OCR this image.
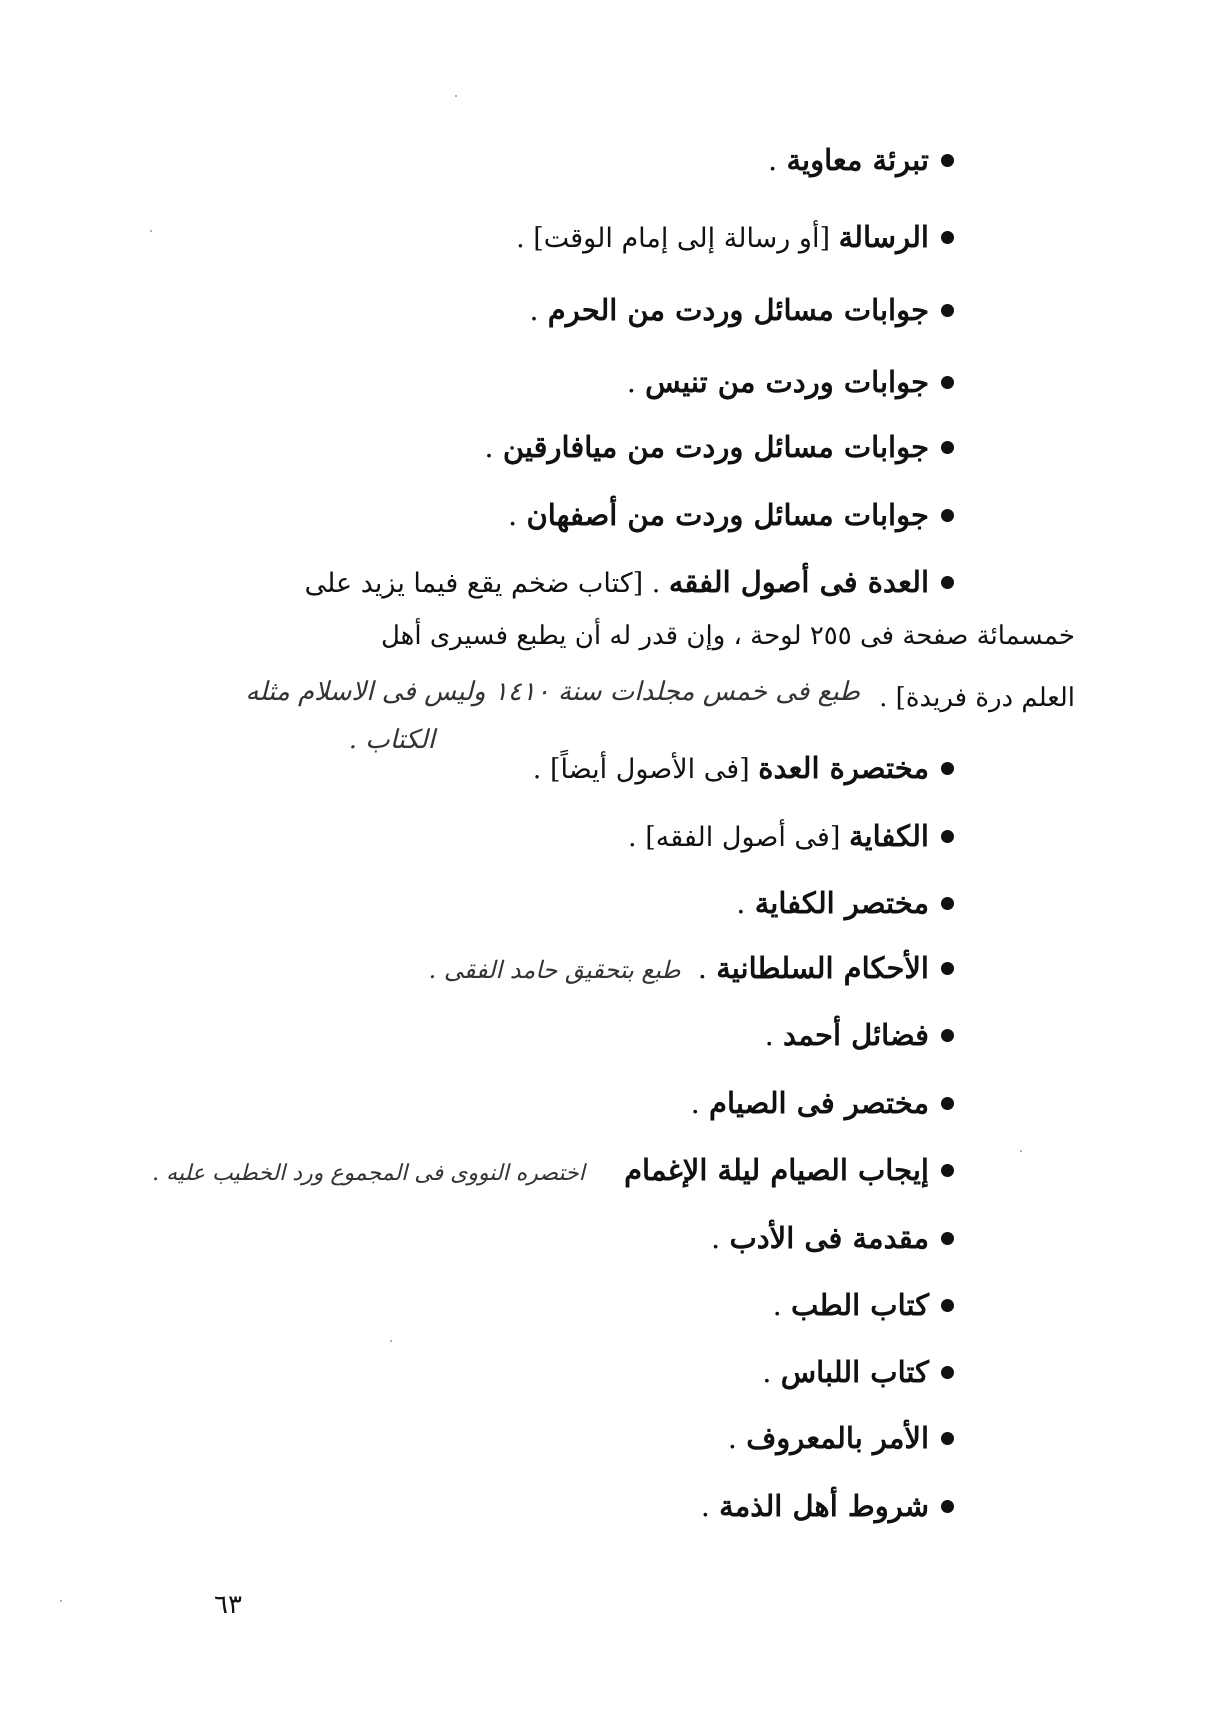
تبرئة معاوية .
الرسالة [أو رسالة إلى إمام الوقت] .
جوابات مسائل وردت من الحرم .
جوابات وردت من تنيس .
جوابات مسائل وردت من ميافارقين .
جوابات مسائل وردت من أصفهان .
العدة فى أصول الفقه . [كتاب ضخم يقع فيما يزيد على
خمسمائة صفحة فى ٢٥٥ لوحة ، وإن قدر له أن يطبع فسيرى أهل
العلم درة فريدة] .
طبع فى خمس مجلدات سنة ١٤١٠ وليس فى الاسلام مثله
الكتاب .
مختصرة العدة [فى الأصول أيضاً] .
الكفاية [فى أصول الفقه] .
مختصر الكفاية .
الأحكام السلطانية . طبع بتحقيق حامد الفقى .
فضائل أحمد .
مختصر فى الصيام .
إيجاب الصيام ليلة الإغمام اختصره النووى فى المجموع ورد الخطيب عليه .
مقدمة فى الأدب .
كتاب الطب .
كتاب اللباس .
الأمر بالمعروف .
شروط أهل الذمة .
٦٣
